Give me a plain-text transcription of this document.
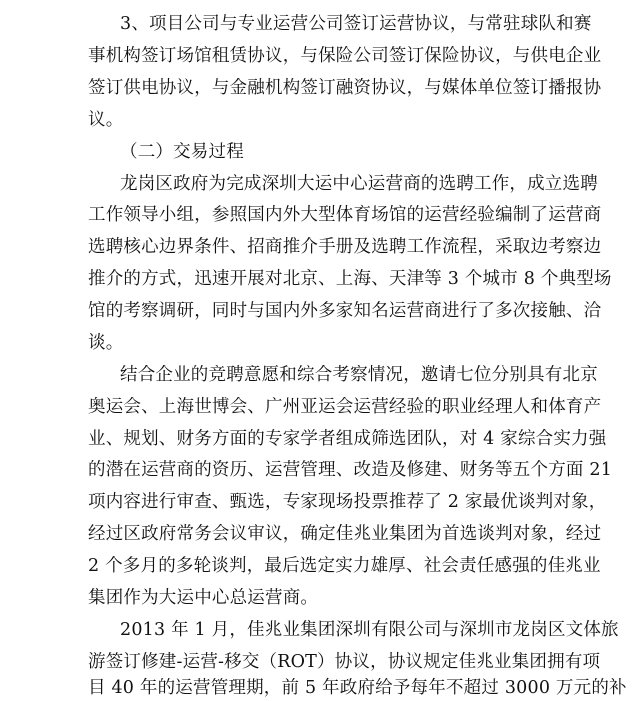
3、项目公司与专业运营公司签订运营协议，与常驻球队和赛
事机构签订场馆租赁协议，与保险公司签订保险协议，与供电企业
签订供电协议，与金融机构签订融资协议，与媒体单位签订播报协
议。
（二）交易过程
龙岗区政府为完成深圳大运中心运营商的选聘工作，成立选聘
工作领导小组，参照国内外大型体育场馆的运营经验编制了运营商
选聘核心边界条件、招商推介手册及选聘工作流程，采取边考察边
推介的方式，迅速开展对北京、上海、天津等 3 个城市 8 个典型场
馆的考察调研，同时与国内外多家知名运营商进行了多次接触、洽
谈。
结合企业的竞聘意愿和综合考察情况，邀请七位分别具有北京
奥运会、上海世博会、广州亚运会运营经验的职业经理人和体育产
业、规划、财务方面的专家学者组成筛选团队，对 4 家综合实力强
的潜在运营商的资历、运营管理、改造及修建、财务等五个方面 21
项内容进行审查、甄选，专家现场投票推荐了 2 家最优谈判对象，
经过区政府常务会议审议，确定佳兆业集团为首选谈判对象，经过
2 个多月的多轮谈判，最后选定实力雄厚、社会责任感强的佳兆业
集团作为大运中心总运营商。
2013 年 1 月，佳兆业集团深圳有限公司与深圳市龙岗区文体旅
游签订修建-运营-移交（ROT）协议，协议规定佳兆业集团拥有项
目 40 年的运营管理期，前 5 年政府给予每年不超过 3000 万元的补
